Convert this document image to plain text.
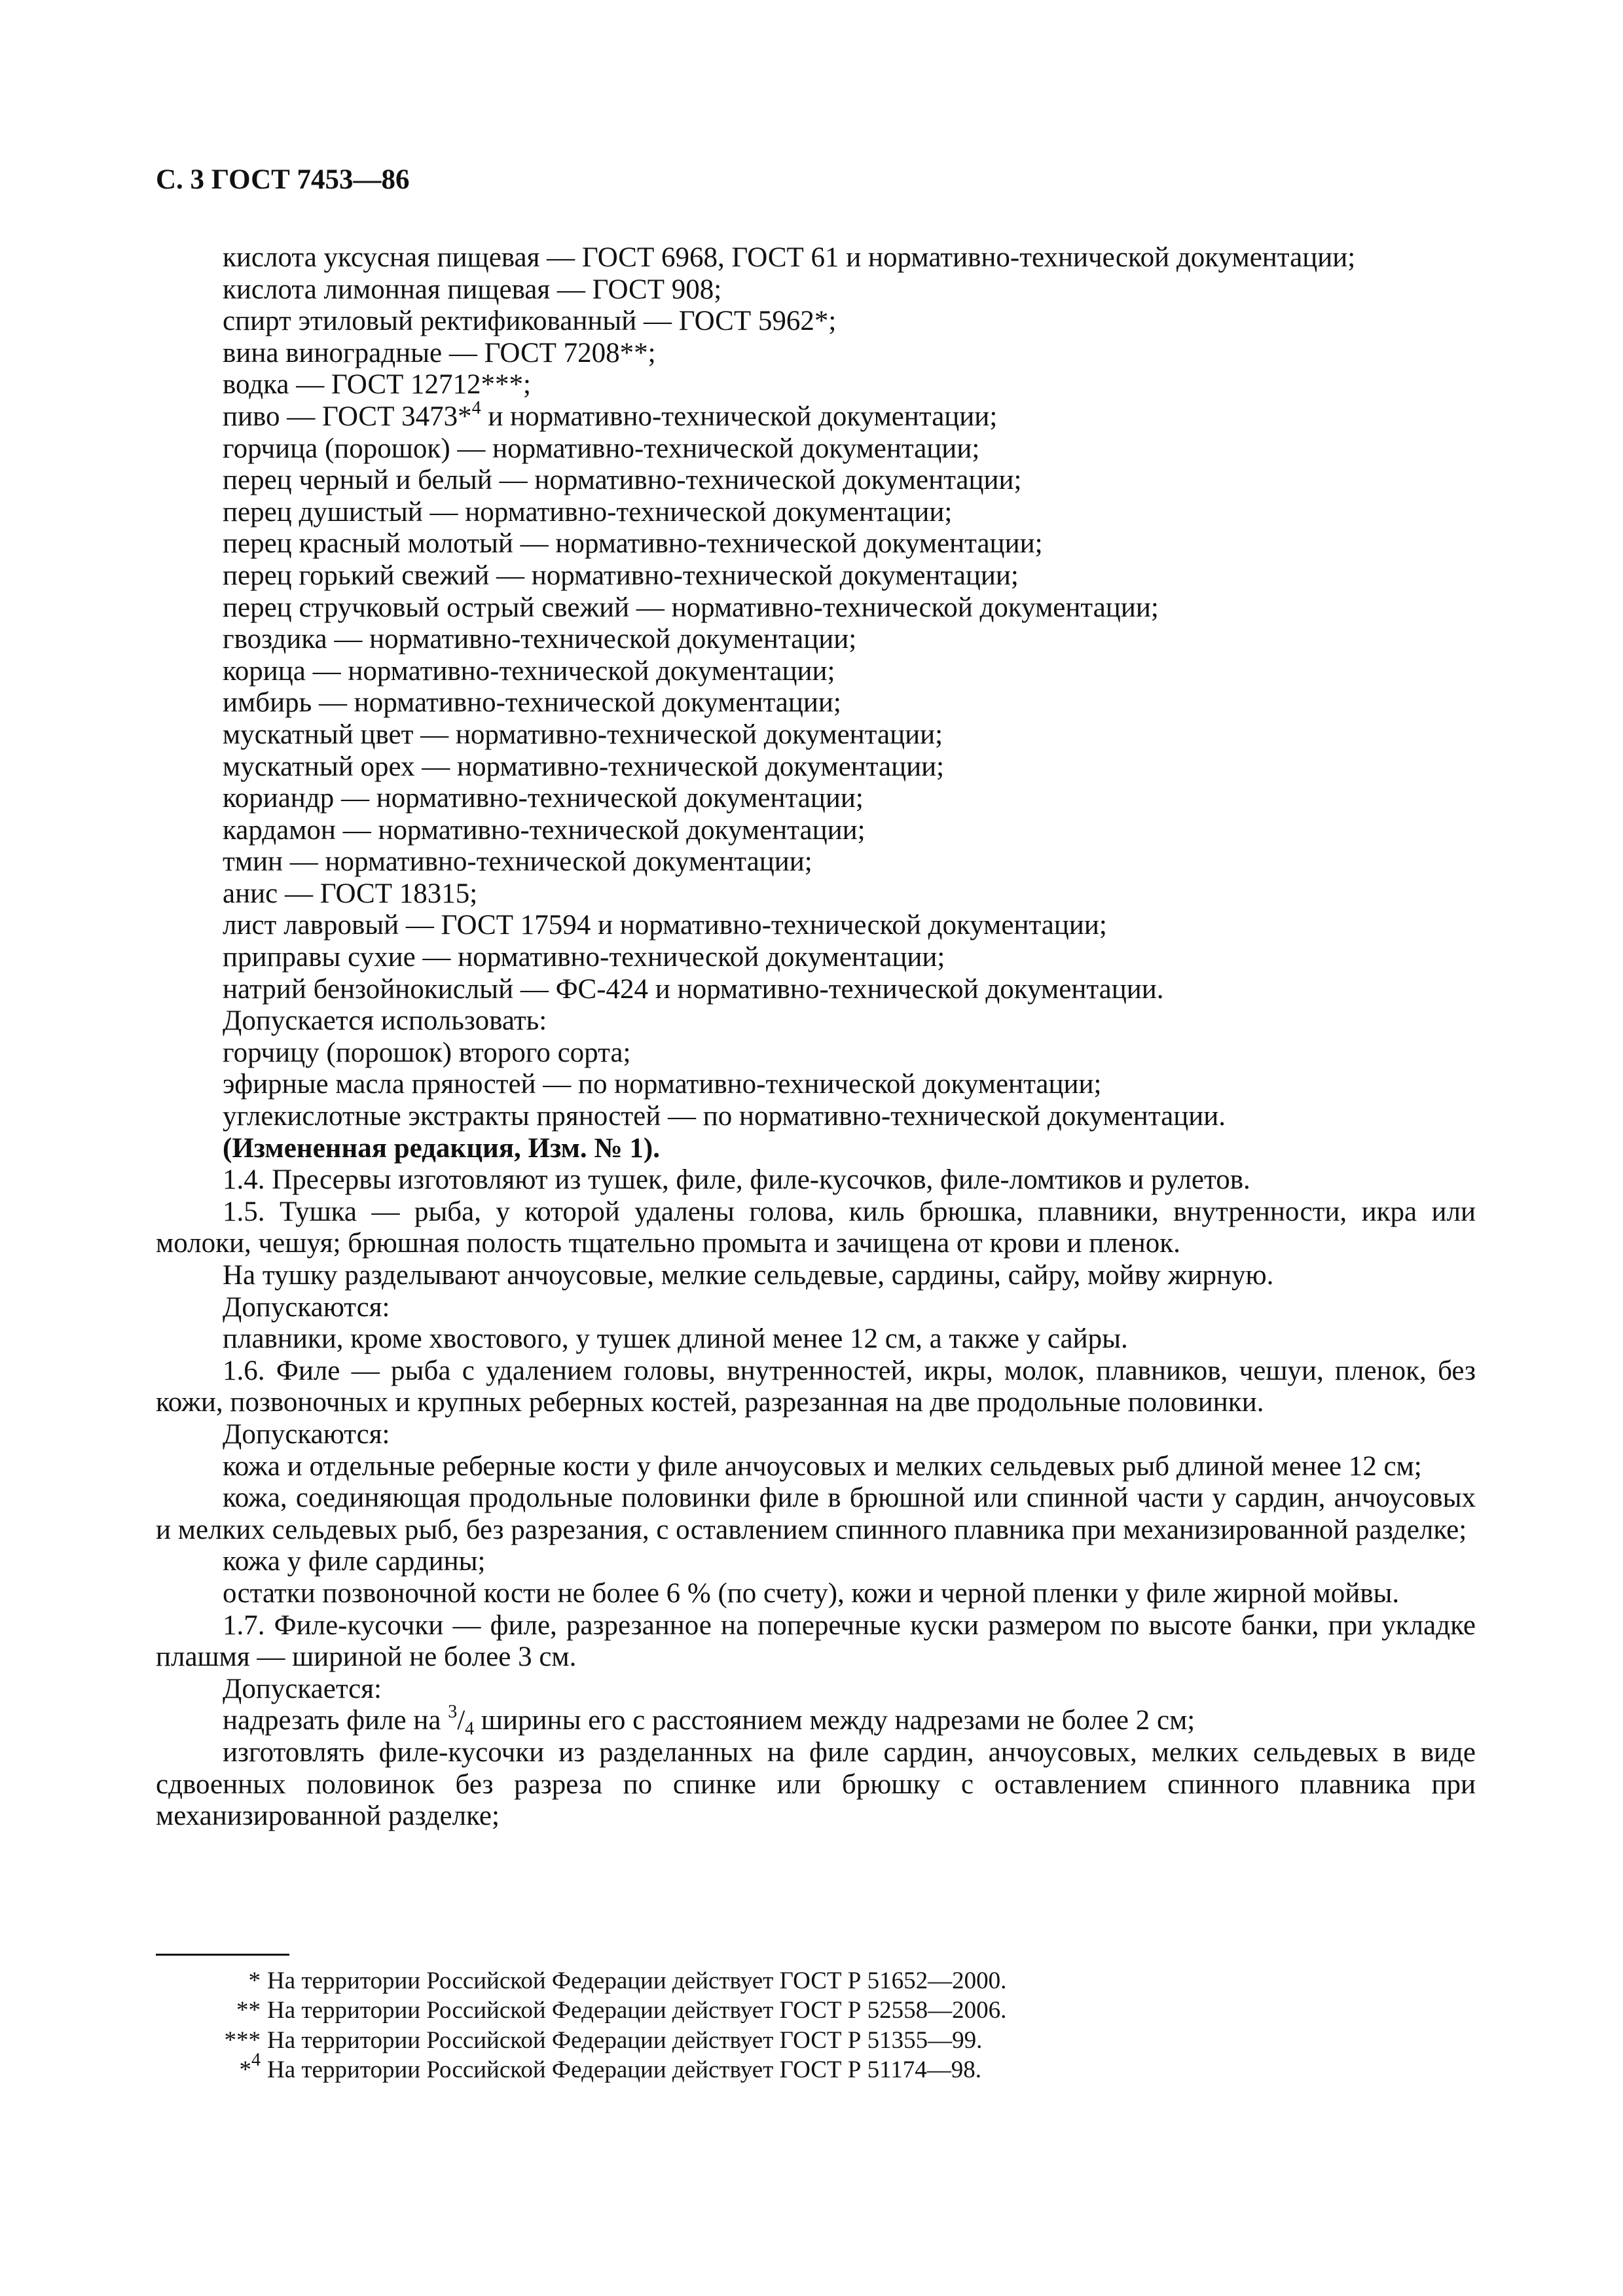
С. 3 ГОСТ 7453—86
кислота уксусная пищевая — ГОСТ 6968, ГОСТ 61 и нормативно-технической документации;
кислота лимонная пищевая — ГОСТ 908;
спирт этиловый ректификованный — ГОСТ 5962*;
вина виноградные — ГОСТ 7208**;
водка — ГОСТ 12712***;
пиво — ГОСТ 3473*$^4$ и нормативно-технической документации;
горчица (порошок) — нормативно-технической документации;
перец черный и белый — нормативно-технической документации;
перец душистый — нормативно-технической документации;
перец красный молотый — нормативно-технической документации;
перец горький свежий — нормативно-технической документации;
перец стручковый острый свежий — нормативно-технической документации;
гвоздика — нормативно-технической документации;
корица — нормативно-технической документации;
имбирь — нормативно-технической документации;
мускатный цвет — нормативно-технической документации;
мускатный орех — нормативно-технической документации;
кориандр — нормативно-технической документации;
кардамон — нормативно-технической документации;
тмин — нормативно-технической документации;
анис — ГОСТ 18315;
лист лавровый — ГОСТ 17594 и нормативно-технической документации;
приправы сухие — нормативно-технической документации;
натрий бензойнокислый — ФС-424 и нормативно-технической документации.
Допускается использовать:
горчицу (порошок) второго сорта;
эфирные масла пряностей — по нормативно-технической документации;
углекислотные экстракты пряностей — по нормативно-технической документации.
(Измененная редакция, Изм. № 1).

1.4. Пресервы изготовляют из тушек, филе, филе-кусочков, филе-ломтиков и рулетов.

1.5. Тушка — рыба, у которой удалены голова, киль брюшка, плавники, внутренности, икра или молоки, чешуя; брюшная полость тщательно промыта и зачищена от крови и пленок.

На тушку разделывают анчоусовые, мелкие сельдевые, сардины, сайру, мойву жирную.

Допускаются:
плавники, кроме хвостового, у тушек длиной менее 12 см, а также у сайры.

1.6. Филе — рыба с удалением головы, внутренностей, икры, молок, плавников, чешуи, пленок, без кожи, позвоночных и крупных реберных костей, разрезанная на две продольные половинки.

Допускаются:

кожа и отдельные реберные кости у филе анчоусовых и мелких сельдевых рыб длиной менее 12 см;

кожа, соединяющая продольные половинки филе в брюшной или спинной части у сардин, анчоусовых и мелких сельдевых рыб, без разрезания, с оставлением спинного плавника при механизированной разделке;

кожа у филе сардины;

остатки позвоночной кости не более 6 % (по счету), кожи и черной пленки у филе жирной мойвы.

1.7. Филе-кусочки — филе, разрезанное на поперечные куски размером по высоте банки, при укладке плашмя — шириной не более 3 см.

Допускается:
надрезать филе на $^3/_4$ ширины его с расстоянием между надрезами не более 2 см;

изготовлять филе-кусочки из разделанных на филе сардин, анчоусовых, мелких сельдевых в виде сдвоенных половинок без разреза по спинке или брюшку с оставлением спинного плавника при механизированной разделке;

* На территории Российской Федерации действует ГОСТ Р 51652—2000.
** На территории Российской Федерации действует ГОСТ Р 52558—2006.
*** На территории Российской Федерации действует ГОСТ Р 51355—99.
*$^4$ На территории Российской Федерации действует ГОСТ Р 51174—98.
